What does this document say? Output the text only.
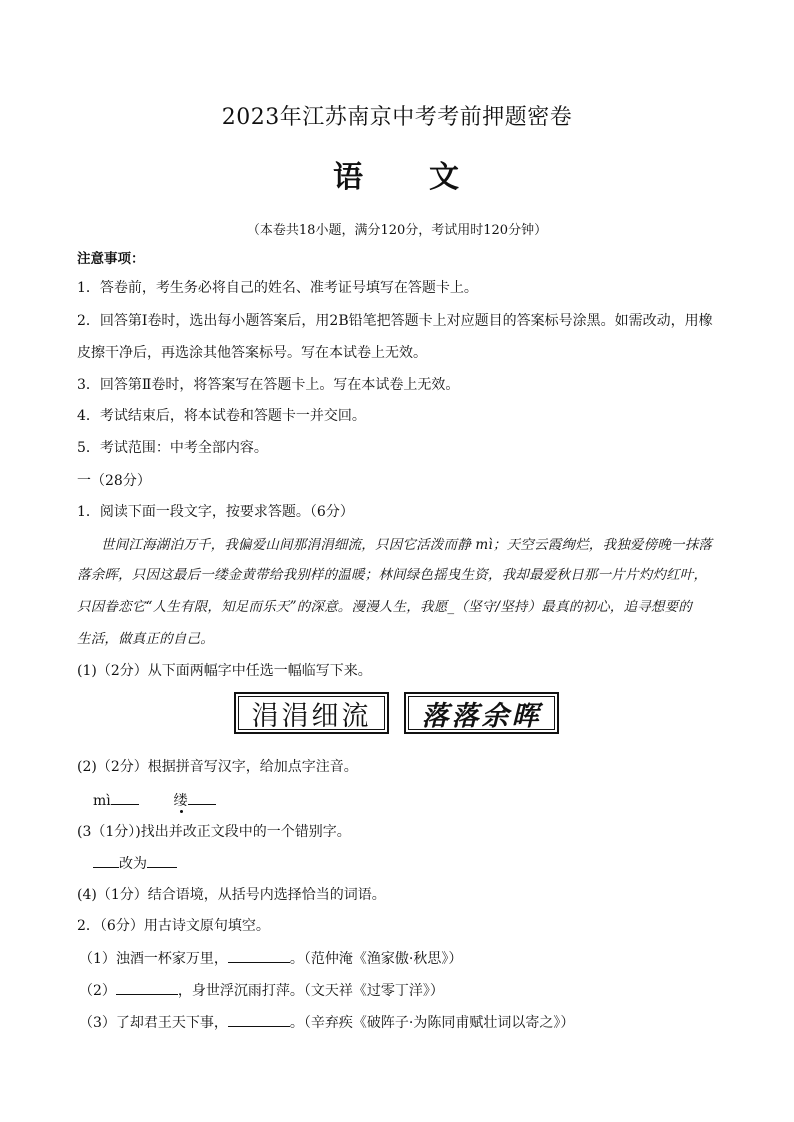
2023年江苏南京中考考前押题密卷
语 文
（本卷共18小题，满分120分，考试用时120分钟）
注意事项：
1．答卷前，考生务必将自己的姓名、准考证号填写在答题卡上。
2．回答第Ⅰ卷时，选出每小题答案后，用2B铅笔把答题卡上对应题目的答案标号涂黑。如需改动，用橡
皮擦干净后，再选涂其他答案标号。写在本试卷上无效。
3．回答第Ⅱ卷时，将答案写在答题卡上。写在本试卷上无效。
4．考试结束后，将本试卷和答题卡一并交回。
5．考试范围：中考全部内容。
一（28分）
1．阅读下面一段文字，按要求答题。（6分）
世间江海湖泊万千，我偏爱山间那涓涓细流，只因它活泼而静 mì；天空云霞绚烂，我独爱傍晚一抹落
落余晖，只因这最后一缕金黄带给我别样的温暖；林间绿色摇曳生资，我却最爱秋日那一片片灼灼红叶，
只因眷恋它“人生有限，知足而乐天”的深意。漫漫人生，我愿_（坚守/坚持）最真的初心，追寻想要的
生活，做真正的自己。
(1)（2分）从下面两幅字中任选一幅临写下来。
涓涓细流	落落余晖
(2)（2分）根据拼音写汉字，给加点字注音。
mì	缕
(3（1分）)找出并改正文段中的一个错别字。
改为
(4)（1分）结合语境，从括号内选择恰当的词语。
2．（6分）用古诗文原句填空。
（1）浊酒一杯家万里，	。（范仲淹《渔家傲·秋思》）
（2）	，身世浮沉雨打萍。（文天祥《过零丁洋》）
（3）了却君王天下事，	。（辛弃疾《破阵子·为陈同甫赋壮词以寄之》）
